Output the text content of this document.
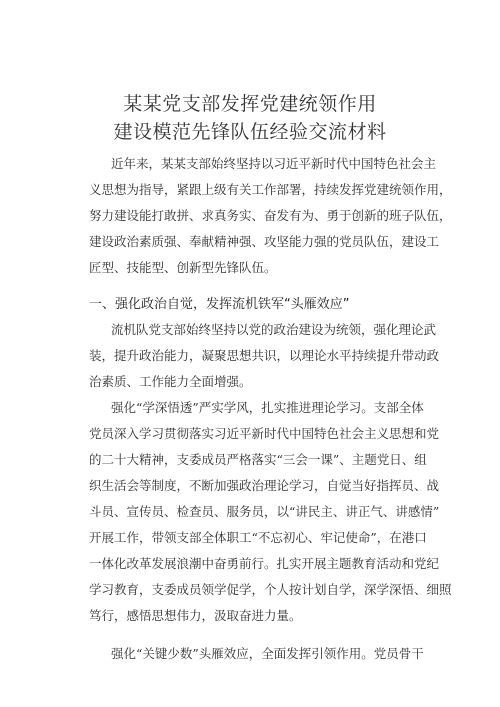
某某党支部发挥党建统领作用
建设模范先锋队伍经验交流材料

近年来，某某支部始终坚持以习近平新时代中国特色社会主

义思想为指导，紧跟上级有关工作部署，持续发挥党建统领作用，

努力建设能打敢拼、求真务实、奋发有为、勇于创新的班子队伍，

建设政治素质强、奉献精神强、攻坚能力强的党员队伍，建设工

匠型、技能型、创新型先锋队伍。

一、强化政治自觉，发挥流机铁军“头雁效应”

流机队党支部始终坚持以党的政治建设为统领，强化理论武

装，提升政治能力，凝聚思想共识，以理论水平持续提升带动政

治素质、工作能力全面增强。

强化“学深悟透”严实学风，扎实推进理论学习。支部全体

党员深入学习贯彻落实习近平新时代中国特色社会主义思想和党

的二十大精神，支委成员严格落实“三会一课”、主题党日、组

织生活会等制度，不断加强政治理论学习，自觉当好指挥员、战

斗员、宣传员、检查员、服务员，以“讲民主、讲正气、讲感情”

开展工作，带领支部全体职工“不忘初心、牢记使命”，在港口

一体化改革发展浪潮中奋勇前行。扎实开展主题教育活动和党纪

学习教育，支委成员领学促学，个人按计划自学，深学深悟、细照

笃行，感悟思想伟力，汲取奋进力量。

强化“关键少数”头雁效应，全面发挥引领作用。党员骨干
